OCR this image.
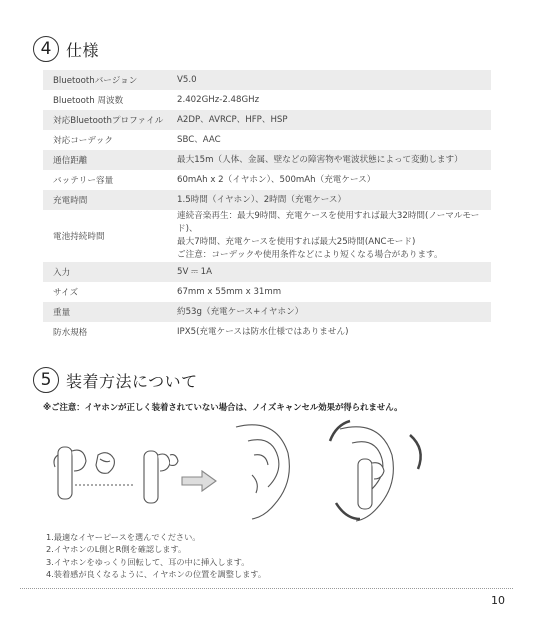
4 仕様
Bluetoothバージョン	V5.0

Bluetooth 周波数	2.402GHz-2.48GHz

対応Bluetoothプロファイル	A2DP、AVRCP、HFP、HSP

対応コーデック	SBC、AAC

通信距離	最大15m（人体、金属、壁などの障害物や電波状態によって変動します）

バッテリー容量	60mAh x 2（イヤホン）、500mAh（充電ケース）

充電時間	1.5時間（イヤホン）、2時間（充電ケース）

電池持続時間	連続音楽再生：最大9時間、充電ケースを使用すれば最大32時間(ノーマルモード)、
最大7時間、充電ケースを使用すれば最大25時間(ANCモード)
ご注意：コーデックや使用条件などにより短くなる場合があります。

入力	5V ⎓ 1A

サイズ	67mm x 55mm x 31mm

重量	約53g（充電ケース+イヤホン）

防水規格	IPX5(充電ケースは防水仕様ではありません)
5 装着方法について
※ご注意：イヤホンが正しく装着されていない場合は、ノイズキャンセル効果が得られません。
1.最適なイヤーピースを選んでください。
2.イヤホンのL側とR側を確認します。
3.イヤホンをゆっくり回転して、耳の中に挿入します。
4.装着感が良くなるように、イヤホンの位置を調整します。
10
